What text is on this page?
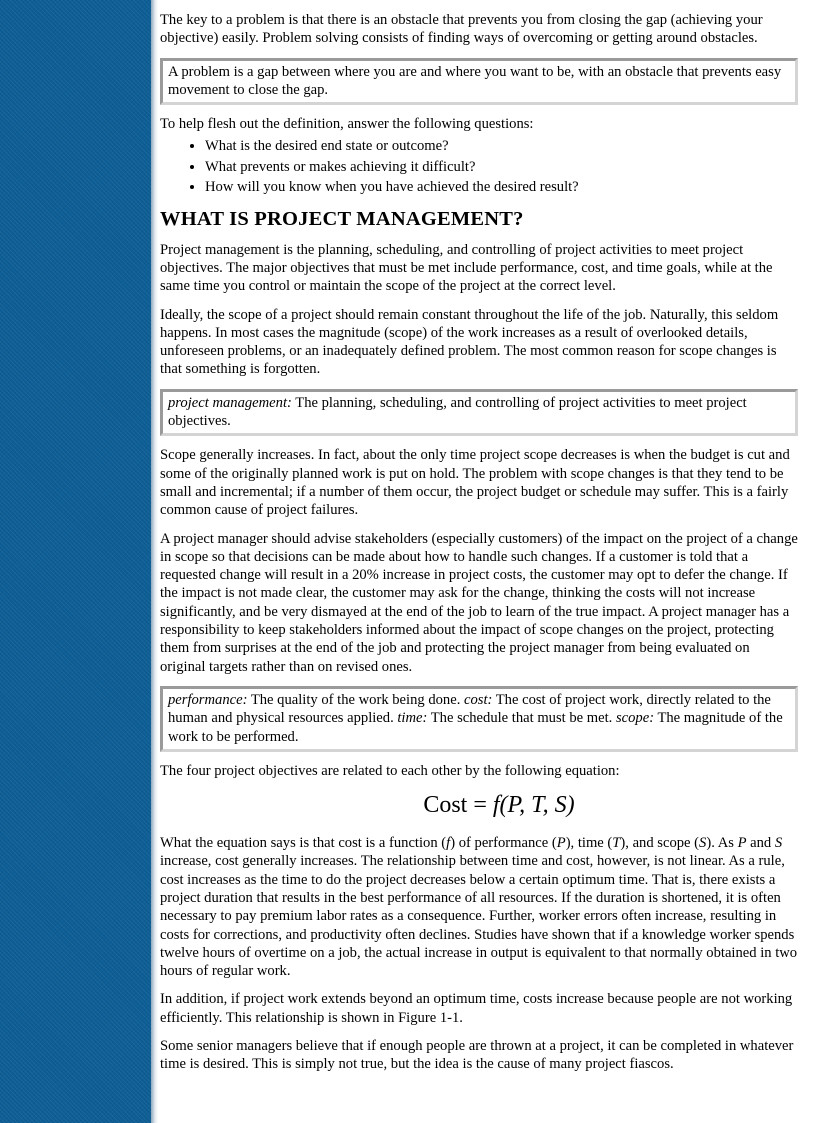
The key to a problem is that there is an obstacle that prevents you from closing the gap (achieving your objective) easily. Problem solving consists of finding ways of overcoming or getting around obstacles.

A problem is a gap between where you are and where you want to be, with an obstacle that prevents easy movement to close the gap.

To help flesh out the definition, answer the following questions:

• What is the desired end state or outcome?
• What prevents or makes achieving it difficult?
• How will you know when you have achieved the desired result?
WHAT IS PROJECT MANAGEMENT?

Project management is the planning, scheduling, and controlling of project activities to meet project objectives. The major objectives that must be met include performance, cost, and time goals, while at the same time you control or maintain the scope of the project at the correct level.

Ideally, the scope of a project should remain constant throughout the life of the job. Naturally, this seldom happens. In most cases the magnitude (scope) of the work increases as a result of overlooked details, unforeseen problems, or an inadequately defined problem. The most common reason for scope changes is that something is forgotten.

project management: The planning, scheduling, and controlling of project activities to meet project objectives.

Scope generally increases. In fact, about the only time project scope decreases is when the budget is cut and some of the originally planned work is put on hold. The problem with scope changes is that they tend to be small and incremental; if a number of them occur, the project budget or schedule may suffer. This is a fairly common cause of project failures.

A project manager should advise stakeholders (especially customers) of the impact on the project of a change in scope so that decisions can be made about how to handle such changes. If a customer is told that a requested change will result in a 20% increase in project costs, the customer may opt to defer the change. If the impact is not made clear, the customer may ask for the change, thinking the costs will not increase significantly, and be very dismayed at the end of the job to learn of the true impact. A project manager has a responsibility to keep stakeholders informed about the impact of scope changes on the project, protecting them from surprises at the end of the job and protecting the project manager from being evaluated on original targets rather than on revised ones.

performance: The quality of the work being done. cost: The cost of project work, directly related to the human and physical resources applied. time: The schedule that must be met. scope: The magnitude of the work to be performed.

The four project objectives are related to each other by the following equation:

Cost = f(P, T, S)

What the equation says is that cost is a function (f) of performance (P), time (T), and scope (S). As P and S increase, cost generally increases. The relationship between time and cost, however, is not linear. As a rule, cost increases as the time to do the project decreases below a certain optimum time. That is, there exists a project duration that results in the best performance of all resources. If the duration is shortened, it is often necessary to pay premium labor rates as a consequence. Further, worker errors often increase, resulting in costs for corrections, and productivity often declines. Studies have shown that if a knowledge worker spends twelve hours of overtime on a job, the actual increase in output is equivalent to that normally obtained in two hours of regular work.

In addition, if project work extends beyond an optimum time, costs increase because people are not working efficiently. This relationship is shown in Figure 1-1.

Some senior managers believe that if enough people are thrown at a project, it can be completed in whatever time is desired. This is simply not true, but the idea is the cause of many project fiascos.
